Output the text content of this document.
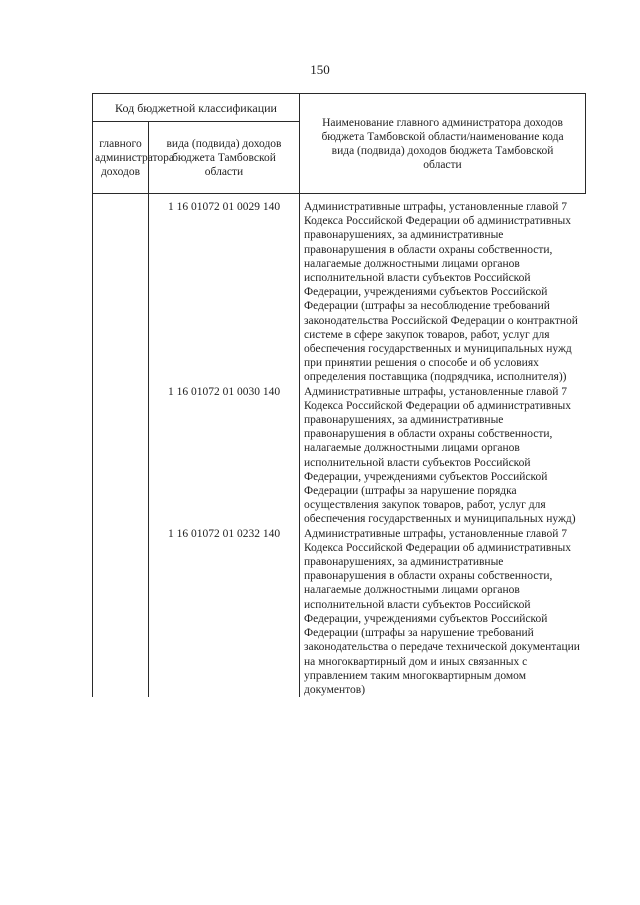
150
Код бюджетной классификации		Наименование главного администратора доходов бюджета Тамбовской области/наименование кода вида (подвида) доходов бюджета Тамбовской области
главного администратора доходов	вида (подвида) доходов бюджета Тамбовской области	
	1 16 01072 01 0029 140	Административные штрафы, установленные главой 7 Кодекса Российской Федерации об административных правонарушениях, за административные правонарушения в области охраны собственности, налагаемые должностными лицами органов исполнительной власти субъектов Российской Федерации, учреждениями субъектов Российской Федерации (штрафы за несоблюдение требований законодательства Российской Федерации о контрактной системе в сфере закупок товаров, работ, услуг для обеспечения государственных и муниципальных нужд при принятии решения о способе и об условиях определения поставщика (подрядчика, исполнителя))

	1 16 01072 01 0030 140	Административные штрафы, установленные главой 7 Кодекса Российской Федерации об административных правонарушениях, за административные правонарушения в области охраны собственности, налагаемые должностными лицами органов исполнительной власти субъектов Российской Федерации, учреждениями субъектов Российской Федерации (штрафы за нарушение порядка осуществления закупок товаров, работ, услуг для обеспечения государственных и муниципальных нужд)

	1 16 01072 01 0232 140	Административные штрафы, установленные главой 7 Кодекса Российской Федерации об административных правонарушениях, за административные правонарушения в области охраны собственности, налагаемые должностными лицами органов исполнительной власти субъектов Российской Федерации, учреждениями субъектов Российской Федерации (штрафы за нарушение требований законодательства о передаче технической документации на многоквартирный дом и иных связанных с управлением таким многоквартирным домом документов)
